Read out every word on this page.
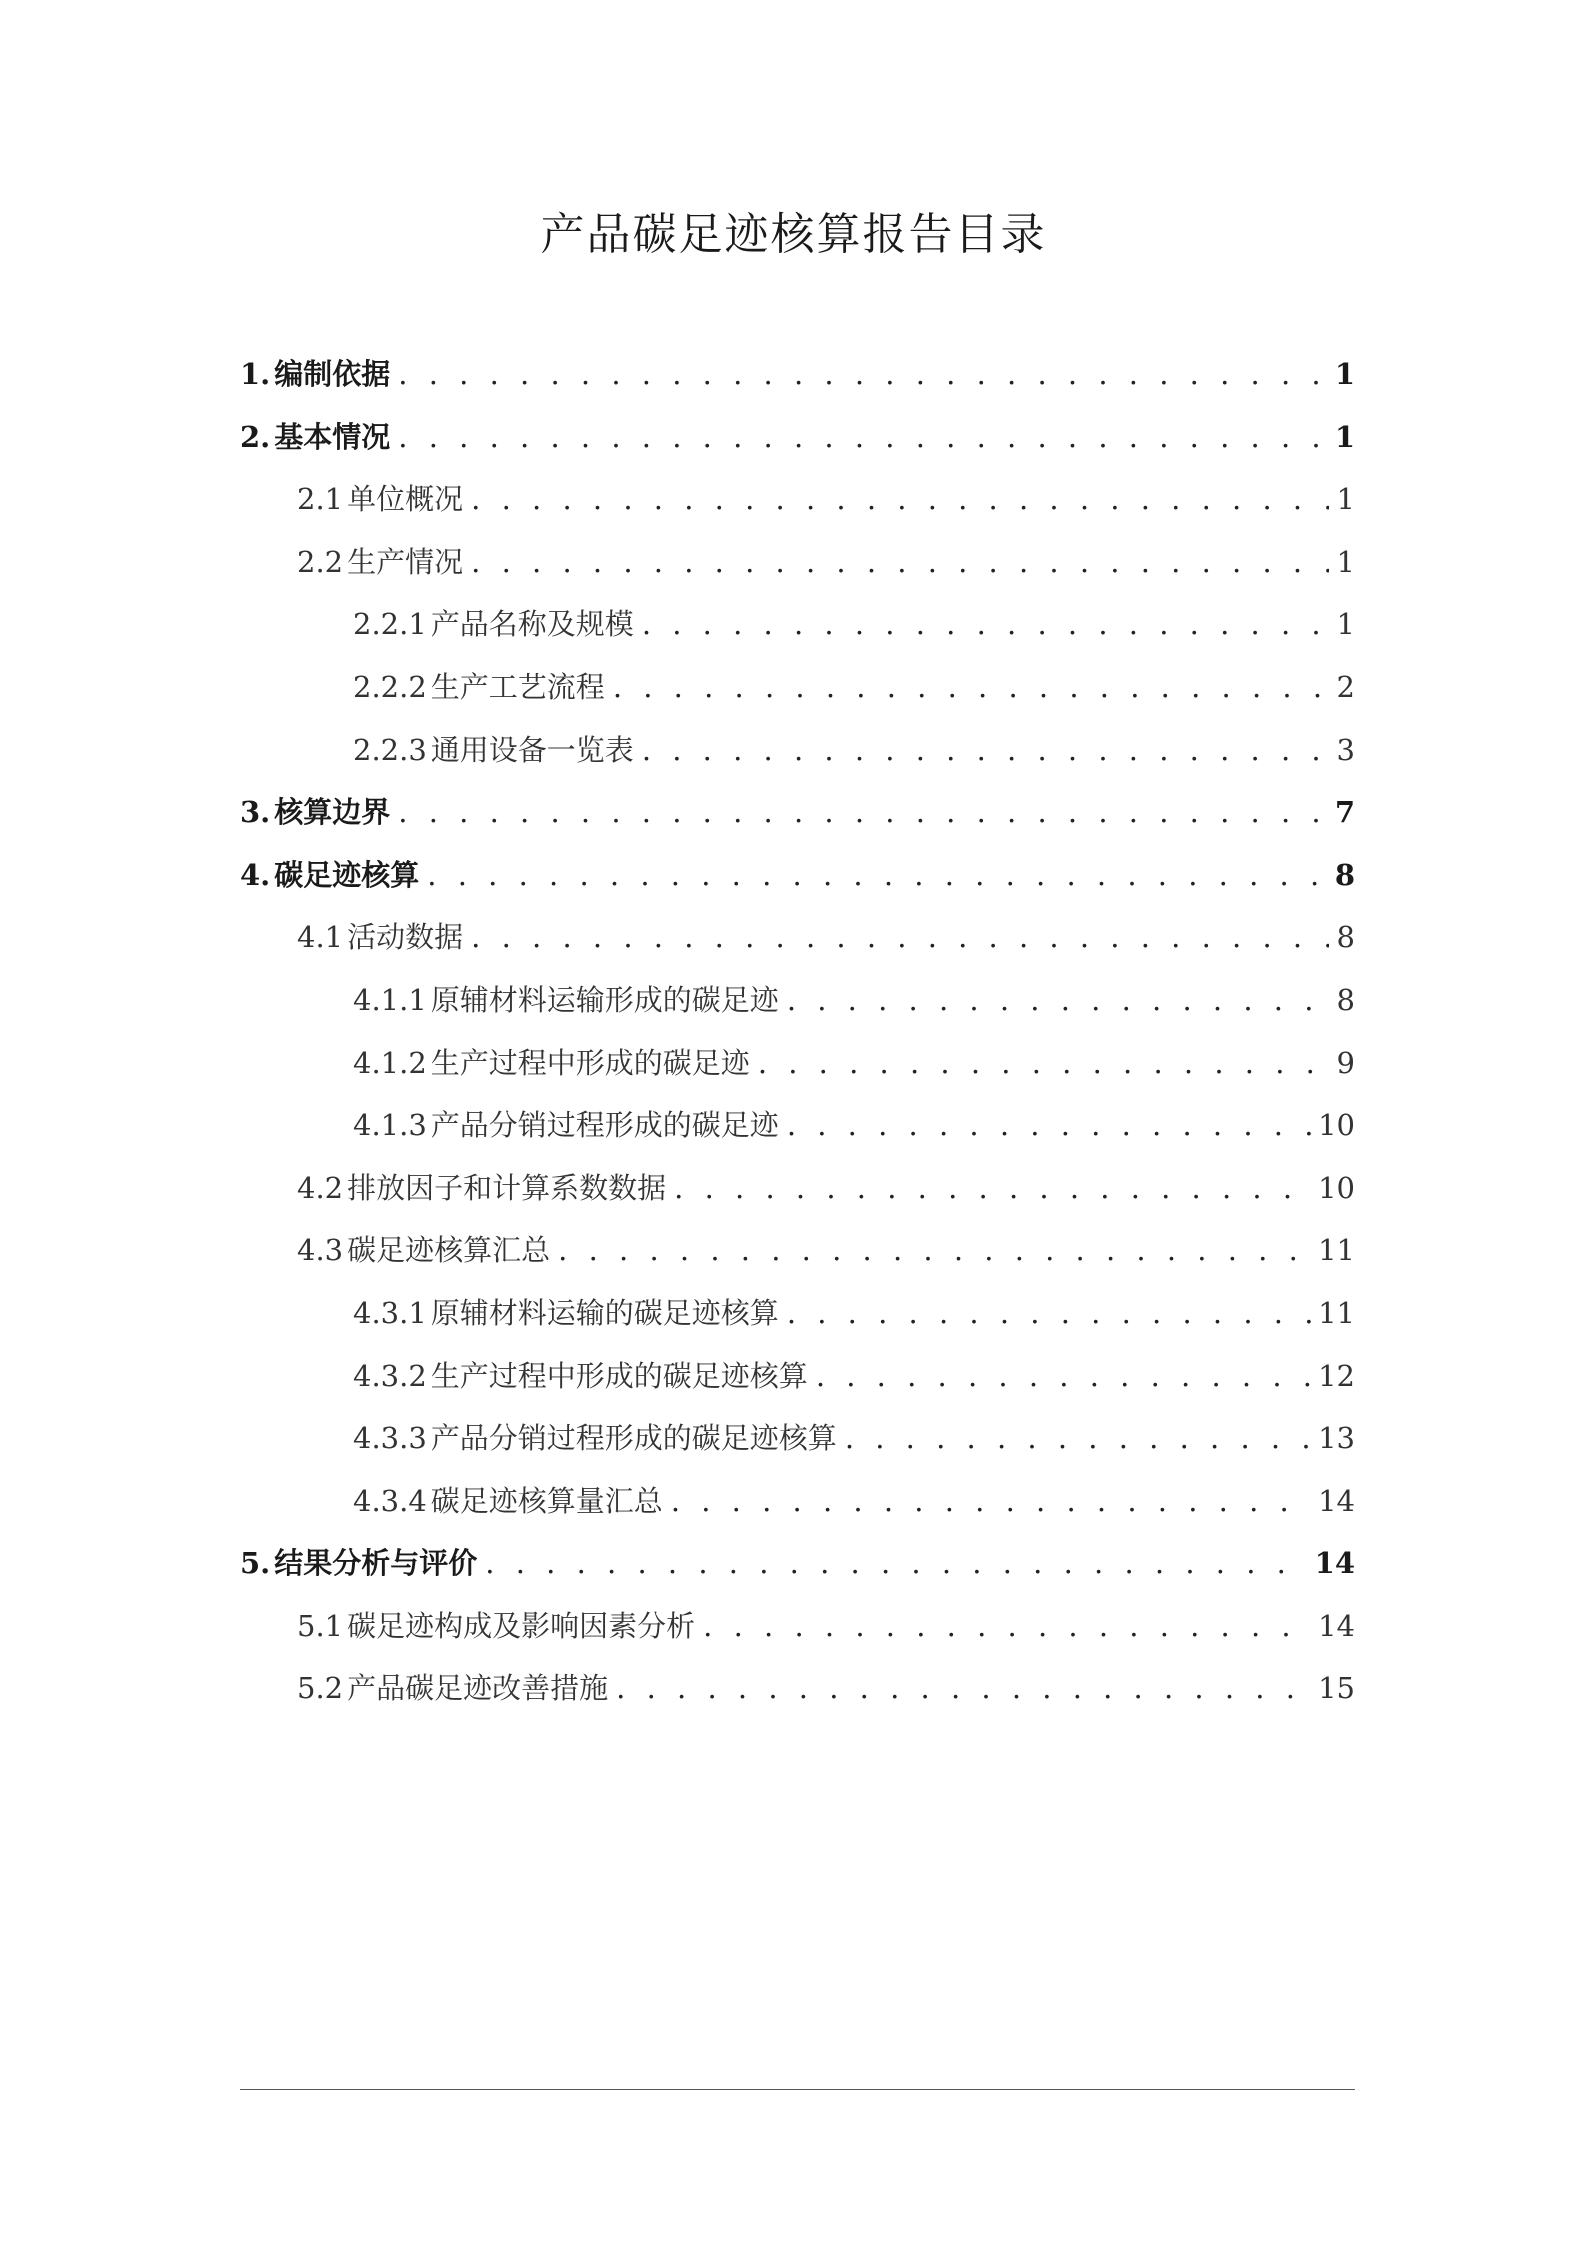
产品碳足迹核算报告目录
1. 编制依据 . . .	1
2. 基本情况 . . .	1
2.1 单位概况 . . .	1
2.2 生产情况 . . .	1
2.2.1 产品名称及规模 . . .	1
2.2.2 生产工艺流程 . . .	2
2.2.3 通用设备一览表 . . .	3
3. 核算边界 . . .	7
4. 碳足迹核算 . . .	8
4.1 活动数据 . . .	8
4.1.1 原辅材料运输形成的碳足迹 . . .	8
4.1.2 生产过程中形成的碳足迹 . . .	9
4.1.3 产品分销过程形成的碳足迹 . . .	10
4.2 排放因子和计算系数数据 . . .	10
4.3 碳足迹核算汇总 . . .	11
4.3.1 原辅材料运输的碳足迹核算 . . .	11
4.3.2 生产过程中形成的碳足迹核算 . . .	12
4.3.3 产品分销过程形成的碳足迹核算 . . .	13
4.3.4 碳足迹核算量汇总 . . .	14
5. 结果分析与评价 . . .	14
5.1 碳足迹构成及影响因素分析 . . .	14
5.2 产品碳足迹改善措施 . . .	15
